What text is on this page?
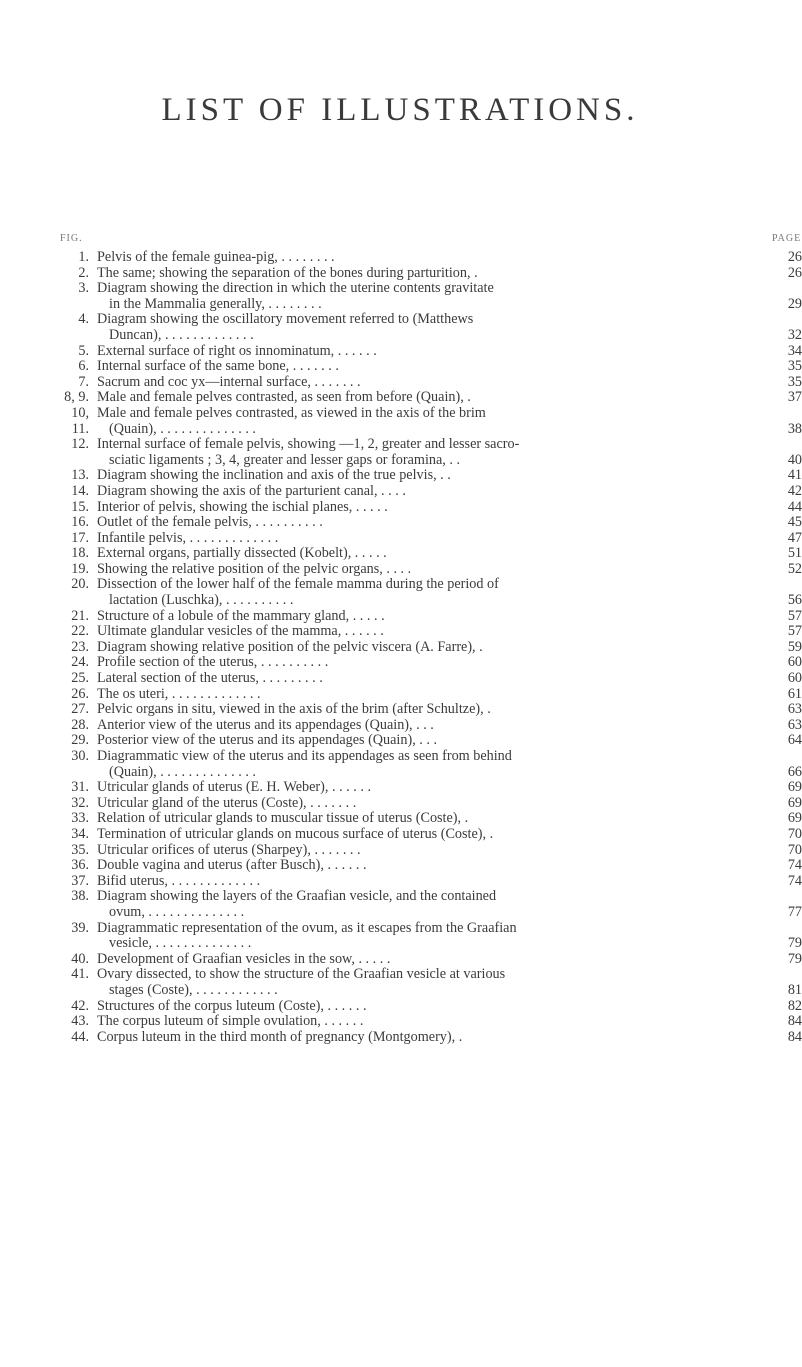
LIST OF ILLUSTRATIONS.
FIG.	PAGE
1. Pelvis of the female guinea-pig, . . . . . . . .	26
2. The same; showing the separation of the bones during parturition, .	26
3. Diagram showing the direction in which the uterine contents gravitate
in the Mammalia generally, . . . . . . . .	29
4. Diagram showing the oscillatory movement referred to (Matthews
Duncan), . . . . . . . . . . . . .	32
5. External surface of right os innominatum, . . . . . .	34
6. Internal surface of the same bone, . . . . . . .	35
7. Sacrum and coc yx—internal surface, . . . . . . .	35
8, 9. Male and female pelves contrasted, as seen from before (Quain), .	37
10, 11.
Male and female pelves contrasted, as viewed in the axis of the brim
(Quain), . . . . . . . . . . . . . .	38
12. Internal surface of female pelvis, showing —1, 2, greater and lesser sacro-
sciatic ligaments ; 3, 4, greater and lesser gaps or foramina, . .	40
13. Diagram showing the inclination and axis of the true pelvis, . .	41
14. Diagram showing the axis of the parturient canal, . . . .	42
15. Interior of pelvis, showing the ischial planes, . . . . .	44
16. Outlet of the female pelvis, . . . . . . . . . .	45
17. Infantile pelvis, . . . . . . . . . . . . .	47
18. External organs, partially dissected (Kobelt), . . . . .	51
19. Showing the relative position of the pelvic organs, . . . .	52
20. Dissection of the lower half of the female mamma during the period of
lactation (Luschka), . . . . . . . . . .	56
21. Structure of a lobule of the mammary gland, . . . . .	57
22. Ultimate glandular vesicles of the mamma, . . . . . .	57
23. Diagram showing relative position of the pelvic viscera (A. Farre), .	59
24. Profile section of the uterus, . . . . . . . . . .	60
25. Lateral section of the uterus, . . . . . . . . .	60
26. The os uteri, . . . . . . . . . . . . .	61
27. Pelvic organs in situ, viewed in the axis of the brim (after Schultze), .	63
28. Anterior view of the uterus and its appendages (Quain), . . .	63
29. Posterior view of the uterus and its appendages (Quain), . . .	64
30. Diagrammatic view of the uterus and its appendages as seen from behind
(Quain), . . . . . . . . . . . . . .	66
31. Utricular glands of uterus (E. H. Weber), . . . . . .	69
32. Utricular gland of the uterus (Coste), . . . . . . .	69
33. Relation of utricular glands to muscular tissue of uterus (Coste), .	69
34. Termination of utricular glands on mucous surface of uterus (Coste), .	70
35. Utricular orifices of uterus (Sharpey), . . . . . . .	70
36. Double vagina and uterus (after Busch), . . . . . .	74
37. Bifid uterus, . . . . . . . . . . . . .	74
38. Diagram showing the layers of the Graafian vesicle, and the contained
ovum, . . . . . . . . . . . . . .	77
39. Diagrammatic representation of the ovum, as it escapes from the Graafian
vesicle, . . . . . . . . . . . . . .	79
40. Development of Graafian vesicles in the sow, . . . . .	79
41. Ovary dissected, to show the structure of the Graafian vesicle at various
stages (Coste), . . . . . . . . . . . .	81
42. Structures of the corpus luteum (Coste), . . . . . .	82
43. The corpus luteum of simple ovulation, . . . . . .	84
44. Corpus luteum in the third month of pregnancy (Montgomery), .	84
